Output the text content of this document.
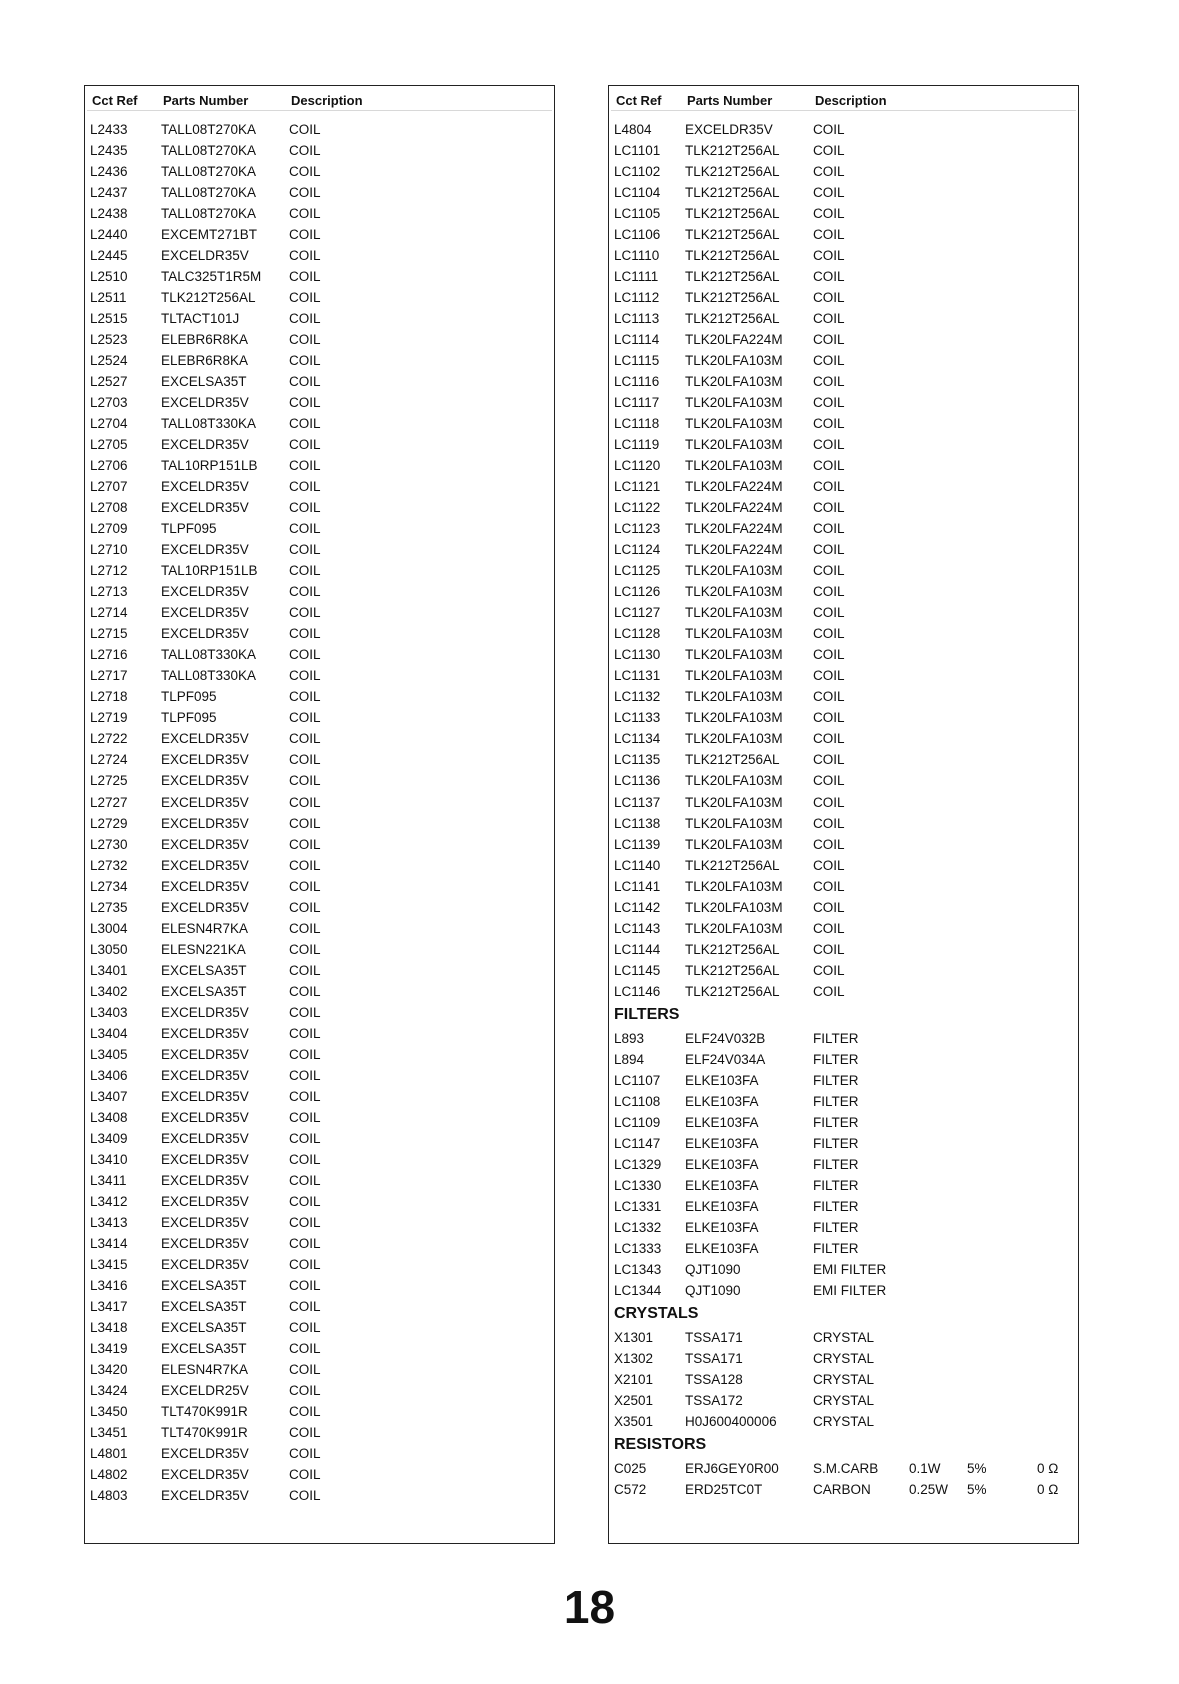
Cct Ref	Parts Number	Description
L2433	TALL08T270KA	COIL
L2435	TALL08T270KA	COIL
L2436	TALL08T270KA	COIL
L2437	TALL08T270KA	COIL
L2438	TALL08T270KA	COIL
L2440	EXCEMT271BT	COIL
L2445	EXCELDR35V	COIL
L2510	TALC325T1R5M	COIL
L2511	TLK212T256AL	COIL
L2515	TLTACT101J	COIL
L2523	ELEBR6R8KA	COIL
L2524	ELEBR6R8KA	COIL
L2527	EXCELSA35T	COIL
L2703	EXCELDR35V	COIL
L2704	TALL08T330KA	COIL
L2705	EXCELDR35V	COIL
L2706	TAL10RP151LB	COIL
L2707	EXCELDR35V	COIL
L2708	EXCELDR35V	COIL
L2709	TLPF095	COIL
L2710	EXCELDR35V	COIL
L2712	TAL10RP151LB	COIL
L2713	EXCELDR35V	COIL
L2714	EXCELDR35V	COIL
L2715	EXCELDR35V	COIL
L2716	TALL08T330KA	COIL
L2717	TALL08T330KA	COIL
L2718	TLPF095	COIL
L2719	TLPF095	COIL
L2722	EXCELDR35V	COIL
L2724	EXCELDR35V	COIL
L2725	EXCELDR35V	COIL
L2727	EXCELDR35V	COIL
L2729	EXCELDR35V	COIL
L2730	EXCELDR35V	COIL
L2732	EXCELDR35V	COIL
L2734	EXCELDR35V	COIL
L2735	EXCELDR35V	COIL
L3004	ELESN4R7KA	COIL
L3050	ELESN221KA	COIL
L3401	EXCELSA35T	COIL
L3402	EXCELSA35T	COIL
L3403	EXCELDR35V	COIL
L3404	EXCELDR35V	COIL
L3405	EXCELDR35V	COIL
L3406	EXCELDR35V	COIL
L3407	EXCELDR35V	COIL
L3408	EXCELDR35V	COIL
L3409	EXCELDR35V	COIL
L3410	EXCELDR35V	COIL
L3411	EXCELDR35V	COIL
L3412	EXCELDR35V	COIL
L3413	EXCELDR35V	COIL
L3414	EXCELDR35V	COIL
L3415	EXCELDR35V	COIL
L3416	EXCELSA35T	COIL
L3417	EXCELSA35T	COIL
L3418	EXCELSA35T	COIL
L3419	EXCELSA35T	COIL
L3420	ELESN4R7KA	COIL
L3424	EXCELDR25V	COIL
L3450	TLT470K991R	COIL
L3451	TLT470K991R	COIL
L4801	EXCELDR35V	COIL
L4802	EXCELDR35V	COIL
L4803	EXCELDR35V	COIL
Cct Ref	Parts Number	Description
L4804	EXCELDR35V	COIL
LC1101	TLK212T256AL	COIL
LC1102	TLK212T256AL	COIL
LC1104	TLK212T256AL	COIL
LC1105	TLK212T256AL	COIL
LC1106	TLK212T256AL	COIL
LC1110	TLK212T256AL	COIL
LC1111	TLK212T256AL	COIL
LC1112	TLK212T256AL	COIL
LC1113	TLK212T256AL	COIL
LC1114	TLK20LFA224M	COIL
LC1115	TLK20LFA103M	COIL
LC1116	TLK20LFA103M	COIL
LC1117	TLK20LFA103M	COIL
LC1118	TLK20LFA103M	COIL
LC1119	TLK20LFA103M	COIL
LC1120	TLK20LFA103M	COIL
LC1121	TLK20LFA224M	COIL
LC1122	TLK20LFA224M	COIL
LC1123	TLK20LFA224M	COIL
LC1124	TLK20LFA224M	COIL
LC1125	TLK20LFA103M	COIL
LC1126	TLK20LFA103M	COIL
LC1127	TLK20LFA103M	COIL
LC1128	TLK20LFA103M	COIL
LC1130	TLK20LFA103M	COIL
LC1131	TLK20LFA103M	COIL
LC1132	TLK20LFA103M	COIL
LC1133	TLK20LFA103M	COIL
LC1134	TLK20LFA103M	COIL
LC1135	TLK212T256AL	COIL
LC1136	TLK20LFA103M	COIL
LC1137	TLK20LFA103M	COIL
LC1138	TLK20LFA103M	COIL
LC1139	TLK20LFA103M	COIL
LC1140	TLK212T256AL	COIL
LC1141	TLK20LFA103M	COIL
LC1142	TLK20LFA103M	COIL
LC1143	TLK20LFA103M	COIL
LC1144	TLK212T256AL	COIL
LC1145	TLK212T256AL	COIL
LC1146	TLK212T256AL	COIL
FILTERS
L893	ELF24V032B	FILTER
L894	ELF24V034A	FILTER
LC1107	ELKE103FA	FILTER
LC1108	ELKE103FA	FILTER
LC1109	ELKE103FA	FILTER
LC1147	ELKE103FA	FILTER
LC1329	ELKE103FA	FILTER
LC1330	ELKE103FA	FILTER
LC1331	ELKE103FA	FILTER
LC1332	ELKE103FA	FILTER
LC1333	ELKE103FA	FILTER
LC1343	QJT1090	EMI FILTER
LC1344	QJT1090	EMI FILTER
CRYSTALS
X1301	TSSA171	CRYSTAL
X1302	TSSA171	CRYSTAL
X2101	TSSA128	CRYSTAL
X2501	TSSA172	CRYSTAL
X3501	H0J600400006	CRYSTAL
RESISTORS
C025	ERJ6GEY0R00	S.M.CARB	0.1W	5%	0 Ω
C572	ERD25TC0T	CARBON	0.25W	5%	0 Ω
18
